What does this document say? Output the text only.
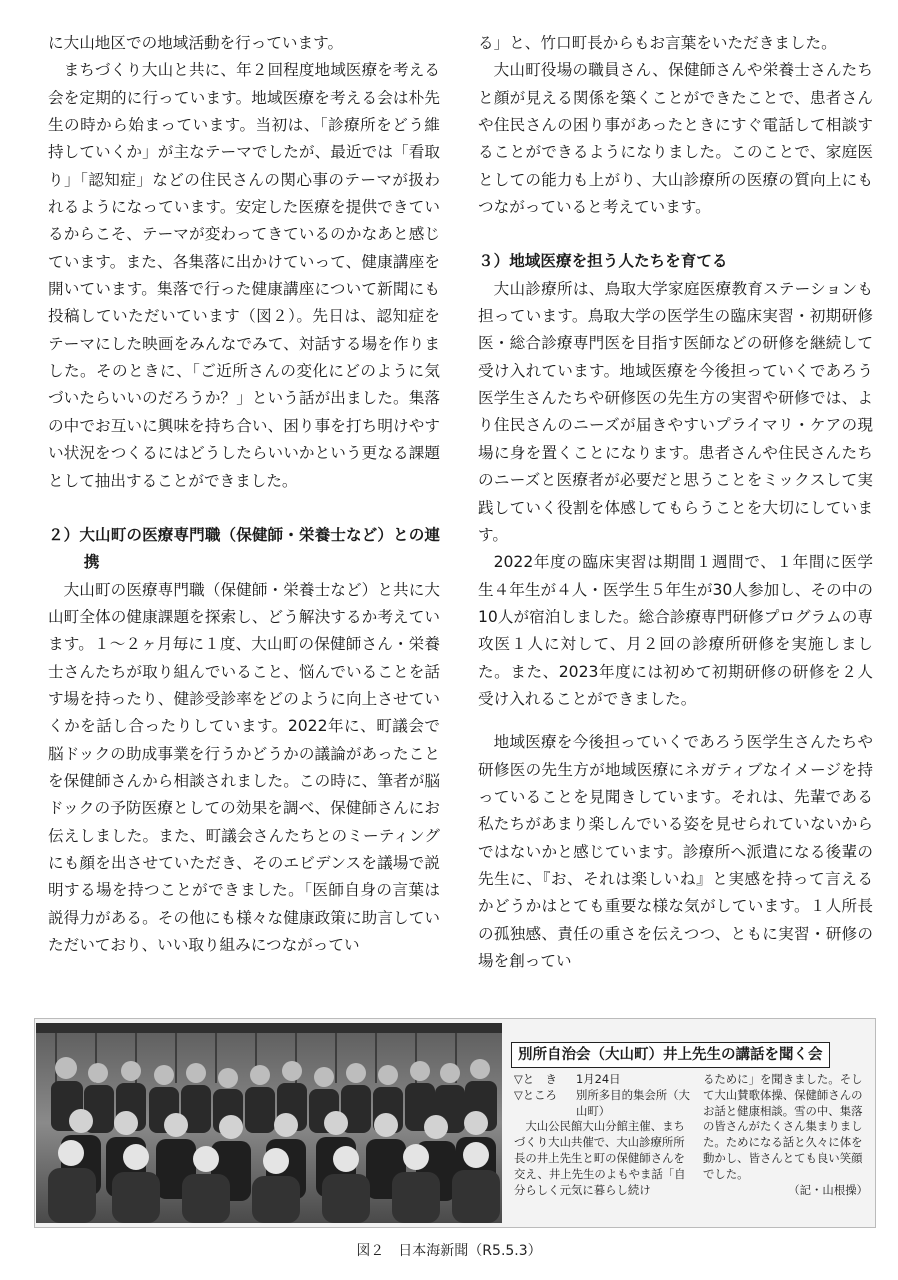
に大山地区での地域活動を行っています。

まちづくり大山と共に、年２回程度地域医療を考える会を定期的に行っています。地域医療を考える会は朴先生の時から始まっています。当初は、「診療所をどう維持していくか」が主なテーマでしたが、最近では「看取り」「認知症」などの住民さんの関心事のテーマが扱われるようになっています。安定した医療を提供できているからこそ、テーマが変わってきているのかなあと感じています。また、各集落に出かけていって、健康講座を開いています。集落で行った健康講座について新聞にも投稿していただいています（図２）。先日は、認知症をテーマにした映画をみんなでみて、対話する場を作りました。そのときに、「ご近所さんの変化にどのように気づいたらいいのだろうか？」という話が出ました。集落の中でお互いに興味を持ち合い、困り事を打ち明けやすい状況をつくるにはどうしたらいいかという更なる課題として抽出することができました。

２）大山町の医療専門職（保健師・栄養士など）との連携

大山町の医療専門職（保健師・栄養士など）と共に大山町全体の健康課題を探索し、どう解決するか考えています。１～２ヶ月毎に１度、大山町の保健師さん・栄養士さんたちが取り組んでいること、悩んでいることを話す場を持ったり、健診受診率をどのように向上させていくかを話し合ったりしています。2022年に、町議会で脳ドックの助成事業を行うかどうかの議論があったことを保健師さんから相談されました。この時に、筆者が脳ドックの予防医療としての効果を調べ、保健師さんにお伝えしました。また、町議会さんたちとのミーティングにも顔を出させていただき、そのエビデンスを議場で説明する場を持つことができました。「医師自身の言葉は説得力がある。その他にも様々な健康政策に助言していただいており、いい取り組みにつながってい

る」と、竹口町長からもお言葉をいただきました。

大山町役場の職員さん、保健師さんや栄養士さんたちと顔が見える関係を築くことができたことで、患者さんや住民さんの困り事があったときにすぐ電話して相談することができるようになりました。このことで、家庭医としての能力も上がり、大山診療所の医療の質向上にもつながっていると考えています。

３）地域医療を担う人たちを育てる

大山診療所は、鳥取大学家庭医療教育ステーションも担っています。鳥取大学の医学生の臨床実習・初期研修医・総合診療専門医を目指す医師などの研修を継続して受け入れています。地域医療を今後担っていくであろう医学生さんたちや研修医の先生方の実習や研修では、より住民さんのニーズが届きやすいプライマリ・ケアの現場に身を置くことになります。患者さんや住民さんたちのニーズと医療者が必要だと思うことをミックスして実践していく役割を体感してもらうことを大切にしています。

2022年度の臨床実習は期間１週間で、１年間に医学生４年生が４人・医学生５年生が30人参加し、その中の10人が宿泊しました。総合診療専門研修プログラムの専攻医１人に対して、月２回の診療所研修を実施しました。また、2023年度には初めて初期研修の研修を２人受け入れることができました。

地域医療を今後担っていくであろう医学生さんたちや研修医の先生方が地域医療にネガティブなイメージを持っていることを見聞きしています。それは、先輩である私たちがあまり楽しんでいる姿を見せられていないからではないかと感じています。診療所へ派遣になる後輩の先生に、『お、それは楽しいね』と実感を持って言えるかどうかはとても重要な様な気がしています。１人所長の孤独感、責任の重さを伝えつつ、ともに実習・研修の場を創ってい

別所自治会（大山町）井上先生の講話を聞く会
▽と　き	1月24日
▽ところ	別所多目的集会所（大山町）

大山公民館大山分館主催、まちづくり大山共催で、大山診療所所長の井上先生と町の保健師さんを交え、井上先生のよもやま話「自分らしく元気に暮らし続け

るために」を聞きました。そして大山賛歌体操、保健師さんのお話と健康相談。雪の中、集落の皆さんがたくさん集まりました。ためになる話と久々に体を動かし、皆さんとても良い笑顔でした。

（記・山根操）

図２　日本海新聞（R5.5.3）
